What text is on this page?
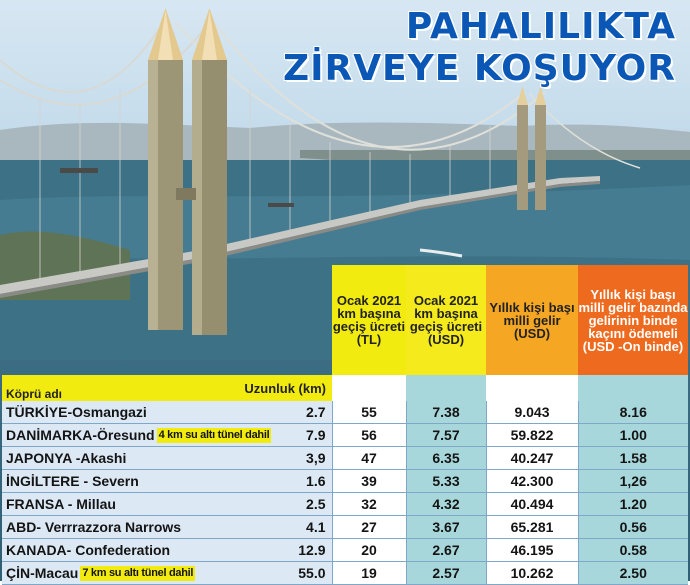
PAHALILIKTA
ZİRVEYE KOŞUYOR
		Ocak 2021 km başına geçiş ücreti (TL)	Ocak 2021 km başına geçiş ücreti (USD)	Yıllık kişi başı milli gelir (USD)	Yıllık kişi başı milli gelir bazında gelirinin binde kaçını ödemeli (USD -On binde)
Köprü adı	Uzunluk (km)				
TÜRKİYE-Osmangazi	2.7	55	7.38	9.043	8.16
DANİMARKA-Öresund 4 km su altı tünel dahil	7.9	56	7.57	59.822	1.00
JAPONYA -Akashi	3,9	47	6.35	40.247	1.58
İNGİLTERE - Severn	1.6	39	5.33	42.300	1,26
FRANSA - Millau	2.5	32	4.32	40.494	1.20
ABD- Verrrazzora Narrows	4.1	27	3.67	65.281	0.56
KANADA- Confederation	12.9	20	2.67	46.195	0.58
ÇİN-Macau 7 km su altı tünel dahil	55.0	19	2.57	10.262	2.50
